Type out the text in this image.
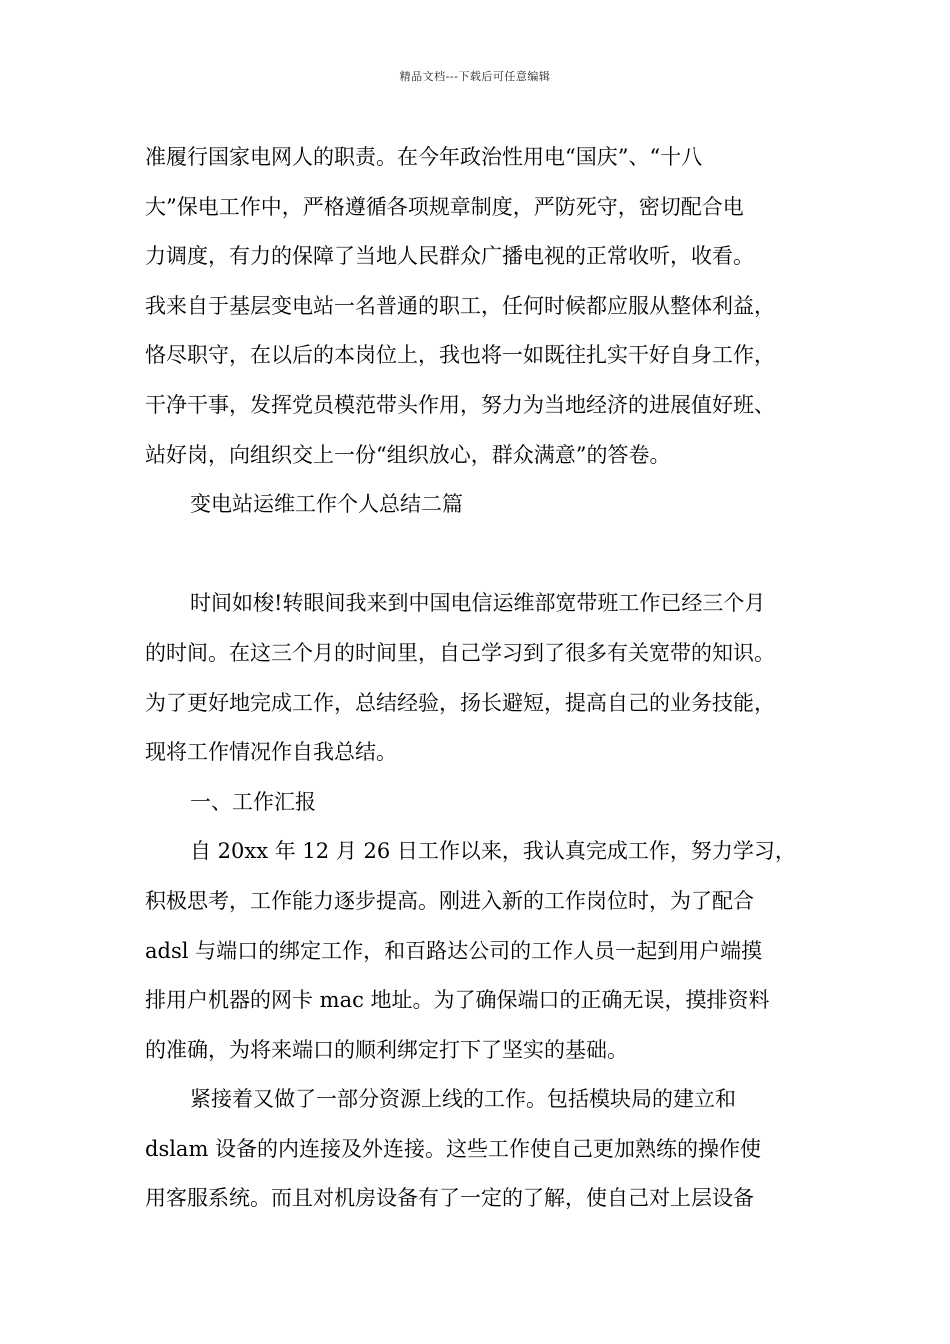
精品文档---下载后可任意编辑
准履行国家电网人的职责。在今年政治性用电“国庆”、“十八
大”保电工作中，严格遵循各项规章制度，严防死守，密切配合电
力调度，有力的保障了当地人民群众广播电视的正常收听，收看。
我来自于基层变电站一名普通的职工，任何时候都应服从整体利益，
恪尽职守，在以后的本岗位上，我也将一如既往扎实干好自身工作，
干净干事，发挥党员模范带头作用，努力为当地经济的进展值好班、
站好岗，向组织交上一份“组织放心，群众满意”的答卷。
变电站运维工作个人总结二篇
时间如梭!转眼间我来到中国电信运维部宽带班工作已经三个月
的时间。在这三个月的时间里，自己学习到了很多有关宽带的知识。
为了更好地完成工作，总结经验，扬长避短，提高自己的业务技能，
现将工作情况作自我总结。
一、工作汇报
自 20xx 年 12 月 26 日工作以来，我认真完成工作，努力学习，
积极思考，工作能力逐步提高。刚进入新的工作岗位时，为了配合
adsl 与端口的绑定工作，和百路达公司的工作人员一起到用户端摸
排用户机器的网卡 mac 地址。为了确保端口的正确无误，摸排资料
的准确，为将来端口的顺利绑定打下了坚实的基础。
紧接着又做了一部分资源上线的工作。包括模块局的建立和
dslam 设备的内连接及外连接。这些工作使自己更加熟练的操作使
用客服系统。而且对机房设备有了一定的了解，使自己对上层设备
